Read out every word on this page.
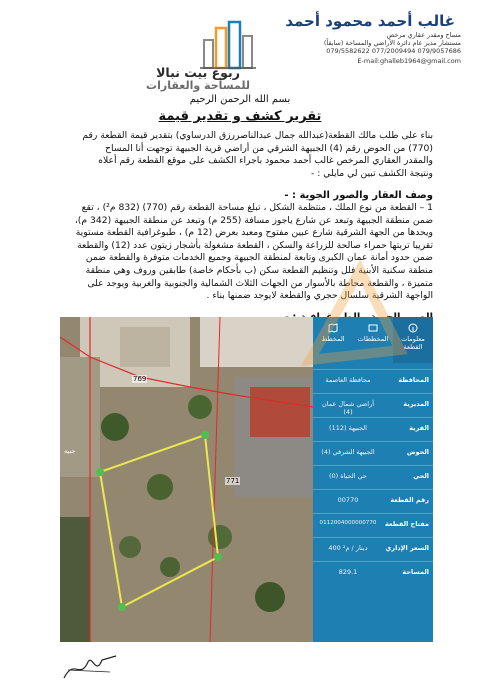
غالب أحمد محمود أحمد
مساح ومقدر عقاري مرخص
مستشار مدير عام دائرة الأراضي والمساحة (سابقاً)
079/5582622 077/2009494 079/9057686
E-mail:ghalleb1964@gmail.com
ربوع بيت نبالا
للمساحة والعقارات
بسم الله الرحمن الرحيم
تقرير كشف و تقدير قيمة
بناء على طلب مالك القطعة(عبدالله جمال عبدالناصررزق الدرساوي) بتقدير قيمة القطعة رقم
(770) من الحوض رقم (4) الجبيهة الشرقي من أراضي قرية الجبيهة توجهت أنا المساح
والمقدر العقاري المرخص غالب أحمد محمود باجراء الكشف على موقع القطعة رقم أعلاه
ونتيجة الكشف تبين لي مايلي : -
وصف العقار والصور الجوية : -
1 – القطعة من نوع الملك ، منتظمة الشكل ، تبلغ مساحة القطعة رقم (770) (832 م²) ، تقع
ضمن منطقة الجبيهة وتبعد عن شارع ياجوز مسافة (255 م) وتبعد عن منطقة الجبيهة (342 م)،
ويحدها من الجهة الشرقية شارع عبين مفتوح ومعبد بعرض (12 م) ، طبوغرافية القطعة مستوية
تقريبا تربتها حمراء صالحة للزراعة والسكن ، القطعة مشغولة بأشجار زيتون عدد (12) والقطعة
ضمن حدود أمانة عمان الكبرى وتابعة لمنطقة الجبيهة وجميع الخدمات متوفرة والقطعة ضمن
منطقة سكنية الأبنية فلل وتنظيم القطعة سكن (ب بأحكام خاصة) طابقين وروف وهي منطقة
متميزة ، والقطعة محاطة بالأسوار من الجهات الثلاث الشمالية والجنوبية والغربية ويوجد على
الواجهة الشرقية سلسال حجري والقطعة لايوجد ضمنها بناء .
769
771
جبيه
معلومات القطعة
المخططات
المخطط
المحافظة
محافظة العاصمة
المديرية
أراضي شمال عمان (4)
القرية
الجبيهة (112)
الحوض
الجبيهة الشرقي (4)
الحي
حي الحياة (0)
رقم القطعة
00770
مفتاح القطعة
0112004000000770
السعر الإداري
400 دينار / م²
المساحة
829.1
